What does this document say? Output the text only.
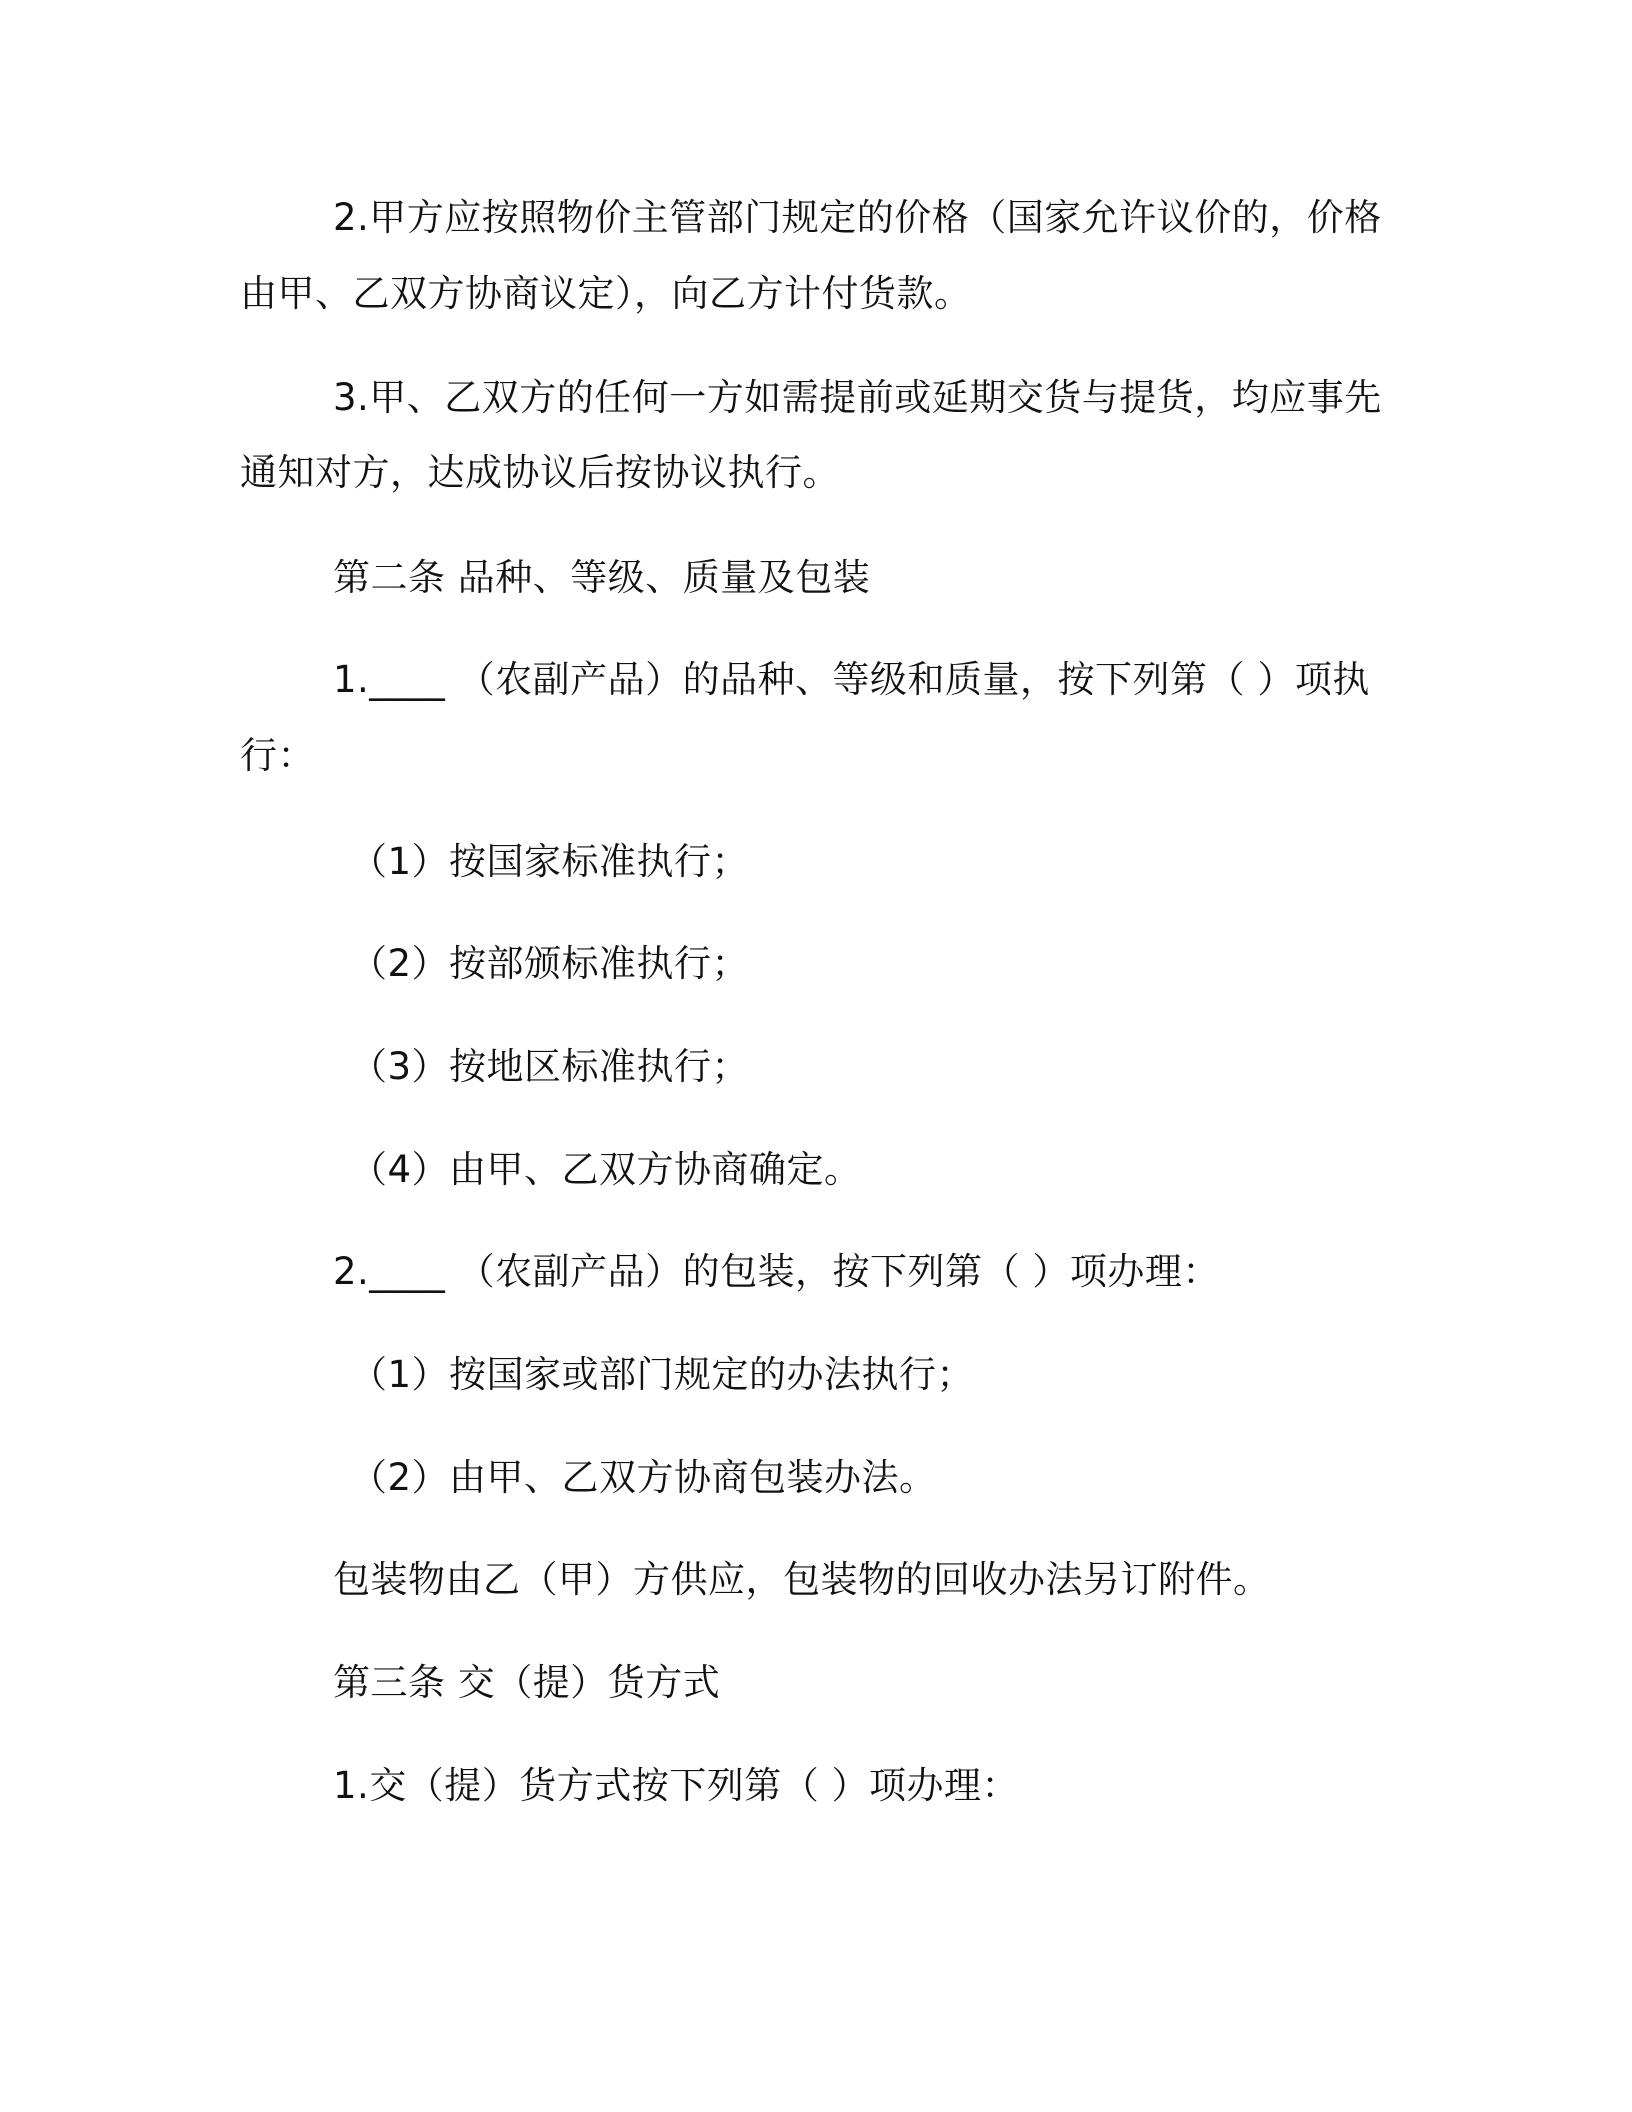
2.甲方应按照物价主管部门规定的价格（国家允许议价的，价格
由甲、乙双方协商议定），向乙方计付货款。
3.甲、乙双方的任何一方如需提前或延期交货与提货，均应事先
通知对方，达成协议后按协议执行。
第二条 品种、等级、质量及包装
1.____ （农副产品）的品种、等级和质量，按下列第（ ）项执
行：
（1）按国家标准执行；
（2）按部颁标准执行；
（3）按地区标准执行；
（4）由甲、乙双方协商确定。
2.____ （农副产品）的包装，按下列第（ ）项办理：
（1）按国家或部门规定的办法执行；
（2）由甲、乙双方协商包装办法。
包装物由乙（甲）方供应，包装物的回收办法另订附件。
第三条 交（提）货方式
1.交（提）货方式按下列第（ ）项办理：
